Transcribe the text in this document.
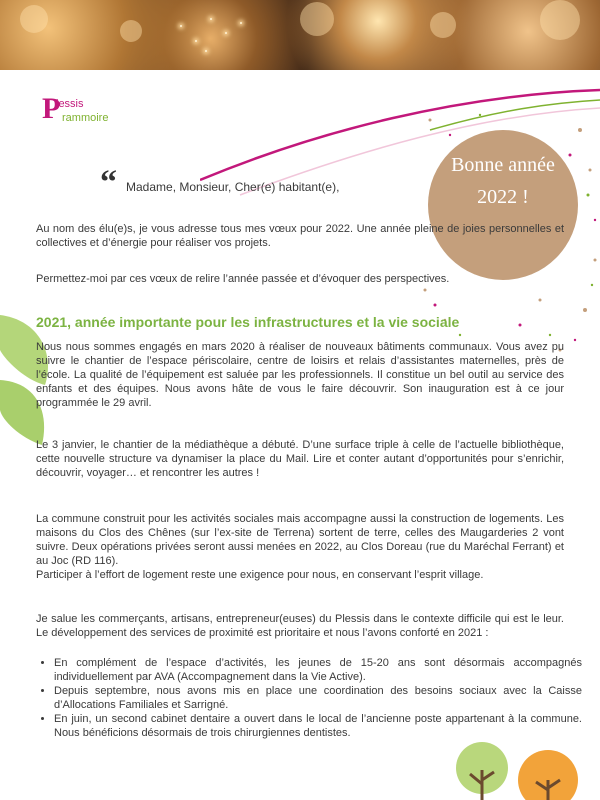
P
lessis
rammoire
Bonne année
2022 !
“ Madame, Monsieur, Cher(e) habitant(e),

Au nom des élu(e)s, je vous adresse tous mes vœux pour 2022. Une année pleine de joies personnelles et collectives et d’énergie pour réaliser vos projets.

Permettez-moi par ces vœux de relire l’année passée et d’évoquer des perspectives.

2021, année importante pour les infrastructures et la vie sociale

Nous nous sommes engagés en mars 2020 à réaliser de nouveaux bâtiments communaux. Vous avez pu suivre le chantier de l’espace périscolaire, centre de loisirs et relais d’assistantes maternelles, près de l’école. La qualité de l’équipement est saluée par les professionnels. Il constitue un bel outil au service des enfants et des équipes. Nous avons hâte de vous le faire découvrir. Son inauguration est à ce jour programmée le 29 avril.

Le 3 janvier, le chantier de la médiathèque a débuté. D’une surface triple à celle de l’actuelle bibliothèque, cette nouvelle structure va dynamiser la place du Mail. Lire et conter autant d’opportunités pour s’enrichir, découvrir, voyager… et rencontrer les autres !

La commune construit pour les activités sociales mais accompagne aussi la construction de logements. Les maisons du Clos des Chênes (sur l’ex-site de Terrena) sortent de terre, celles des Maugarderies 2 vont suivre. Deux opérations privées seront aussi menées en 2022, au Clos Doreau (rue du Maréchal Ferrant) et au Joc (RD 116).
Participer à l’effort de logement reste une exigence pour nous, en conservant l’esprit village.

Je salue les commerçants, artisans, entrepreneur(euses) du Plessis dans le contexte difficile qui est le leur. Le développement des services de proximité est prioritaire et nous l’avons conforté en 2021 :

• En complément de l’espace d’activités, les jeunes de 15-20 ans sont désormais accompagnés individuellement par AVA (Accompagnement dans la Vie Active).
• Depuis septembre, nous avons mis en place une coordination des besoins sociaux avec la Caisse d’Allocations Familiales et Sarrigné.
• En juin, un second cabinet dentaire a ouvert dans le local de l’ancienne poste appartenant à la commune. Nous bénéficions désormais de trois chirurgiennes dentistes.
